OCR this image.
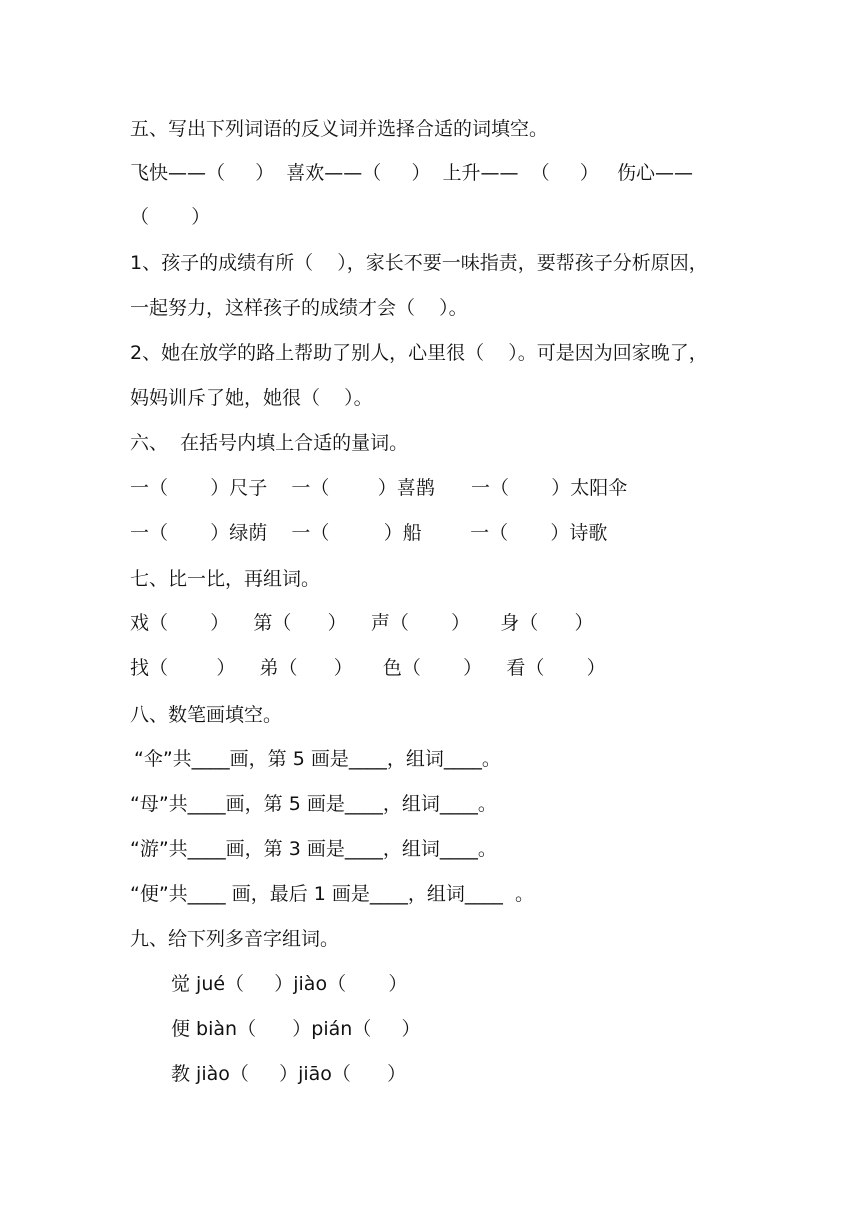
五、写出下列词语的反义词并选择合适的词填空。

飞快——（     ）  喜欢——（     ）  上升——  （     ）   伤心——

（       ）

1、孩子的成绩有所（    ），家长不要一味指责，要帮孩子分析原因，

一起努力，这样孩子的成绩才会（    ）。

2、她在放学的路上帮助了别人，心里很（    ）。可是因为回家晚了，

妈妈训斥了她，她很（    ）。

六、  在括号内填上合适的量词。

一（       ）尺子    一（        ）喜鹊      一（       ）太阳伞

一（       ）绿荫    一（         ）船        一（       ）诗歌

七、比一比，再组词。

戏（       ）    第（      ）    声（       ）     身（      ）

找（        ）    弟（      ）     色（       ）    看（       ）

八、数笔画填空。

“伞”共____画，第 5 画是____，组词____。

“母”共____画，第 5 画是____，组词____。

“游”共____画，第 3 画是____，组词____。

“便”共____ 画，最后 1 画是____，组词____  。

九、给下列多音字组词。

觉 jué（     ）jiào（       ）

便 biàn（      ）pián（     ）

教 jiào（     ）jiāo（      ）
